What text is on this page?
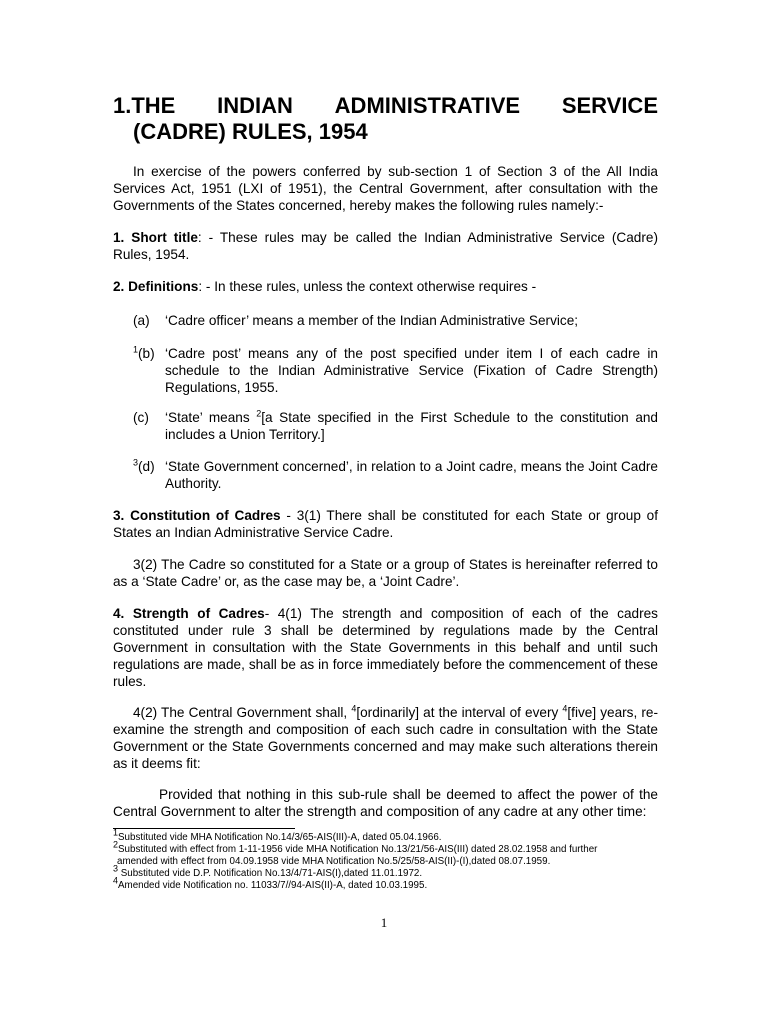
1.THE INDIAN ADMINISTRATIVE SERVICE
(CADRE) RULES, 1954
In exercise of the powers conferred by sub-section 1 of Section 3 of the All India Services Act, 1951 (LXI of 1951), the Central Government, after consultation with the Governments of the States concerned, hereby makes the following rules namely:-
1. Short title: - These rules may be called the Indian Administrative Service (Cadre) Rules, 1954.
2. Definitions: - In these rules, unless the context otherwise requires -
(a)	‘Cadre officer’ means a member of the Indian Administrative Service;
$^1$(b) ‘Cadre post’ means any of the post specified under item I of each cadre in schedule to the Indian Administrative Service (Fixation of Cadre Strength) Regulations, 1955.
(c)	‘State’ means $^2$[a State specified in the First Schedule to the constitution and includes a Union Territory.]
$^3$(d) ‘State Government concerned’, in relation to a Joint cadre, means the Joint Cadre Authority.
3. Constitution of Cadres - 3(1) There shall be constituted for each State or group of States an Indian Administrative Service Cadre.
3(2) The Cadre so constituted for a State or a group of States is hereinafter referred to as a ‘State Cadre’ or, as the case may be, a ‘Joint Cadre’.
4. Strength of Cadres- 4(1) The strength and composition of each of the cadres constituted under rule 3 shall be determined by regulations made by the Central Government in consultation with the State Governments in this behalf and until such regulations are made, shall be as in force immediately before the commencement of these rules.
4(2) The Central Government shall, $^4$[ordinarily] at the interval of every $^4$[five] years, re-examine the strength and composition of each such cadre in consultation with the State Government or the State Governments concerned and may make such alterations therein as it deems fit:
Provided that nothing in this sub-rule shall be deemed to affect the power of the Central Government to alter the strength and composition of any cadre at any other time:
$^1$Substituted vide MHA Notification No.14/3/65-AIS(III)-A, dated 05.04.1966.
$^2$Substituted with effect from 1-11-1956 vide MHA Notification No.13/21/56-AIS(III) dated 28.02.1958 and further
amended with effect from 04.09.1958 vide MHA Notification No.5/25/58-AIS(II)-(I),dated 08.07.1959.
$^3$ Substituted vide D.P. Notification No.13/4/71-AIS(I),dated 11.01.1972.
$^4$Amended vide Notification no. 11033/7//94-AIS(II)-A, dated 10.03.1995.
1
